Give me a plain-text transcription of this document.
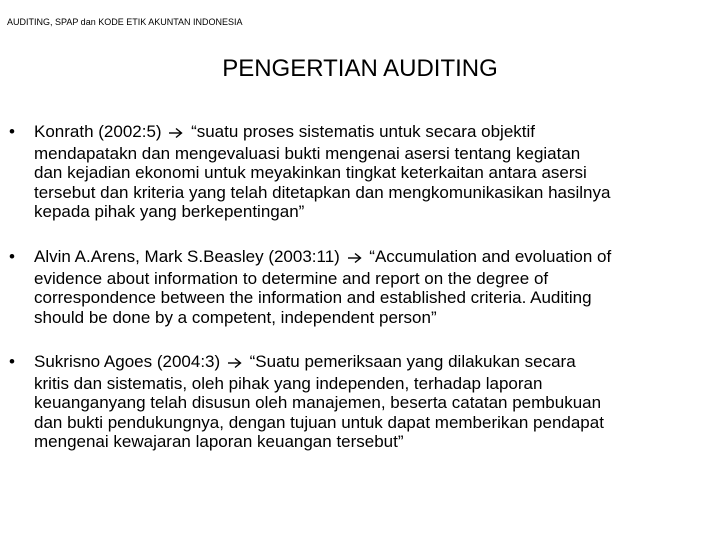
AUDITING, SPAP dan KODE ETIK AKUNTAN INDONESIA
PENGERTIAN AUDITING
• Konrath (2002:5) “suatu proses sistematis untuk secara objektif
mendapatakn dan mengevaluasi bukti mengenai asersi tentang kegiatan
dan kejadian ekonomi untuk meyakinkan tingkat keterkaitan antara asersi
tersebut dan kriteria yang telah ditetapkan dan mengkomunikasikan hasilnya
kepada pihak yang berkepentingan”
• Alvin A.Arens, Mark S.Beasley (2003:11) “Accumulation and evoluation of
evidence about information to determine and report on the degree of
correspondence between the information and established criteria. Auditing
should be done by a competent, independent person”
• Sukrisno Agoes (2004:3) “Suatu pemeriksaan yang dilakukan secara
kritis dan sistematis, oleh pihak yang independen, terhadap laporan
keuanganyang telah disusun oleh manajemen, beserta catatan pembukuan
dan bukti pendukungnya, dengan tujuan untuk dapat memberikan pendapat
mengenai kewajaran laporan keuangan tersebut”
